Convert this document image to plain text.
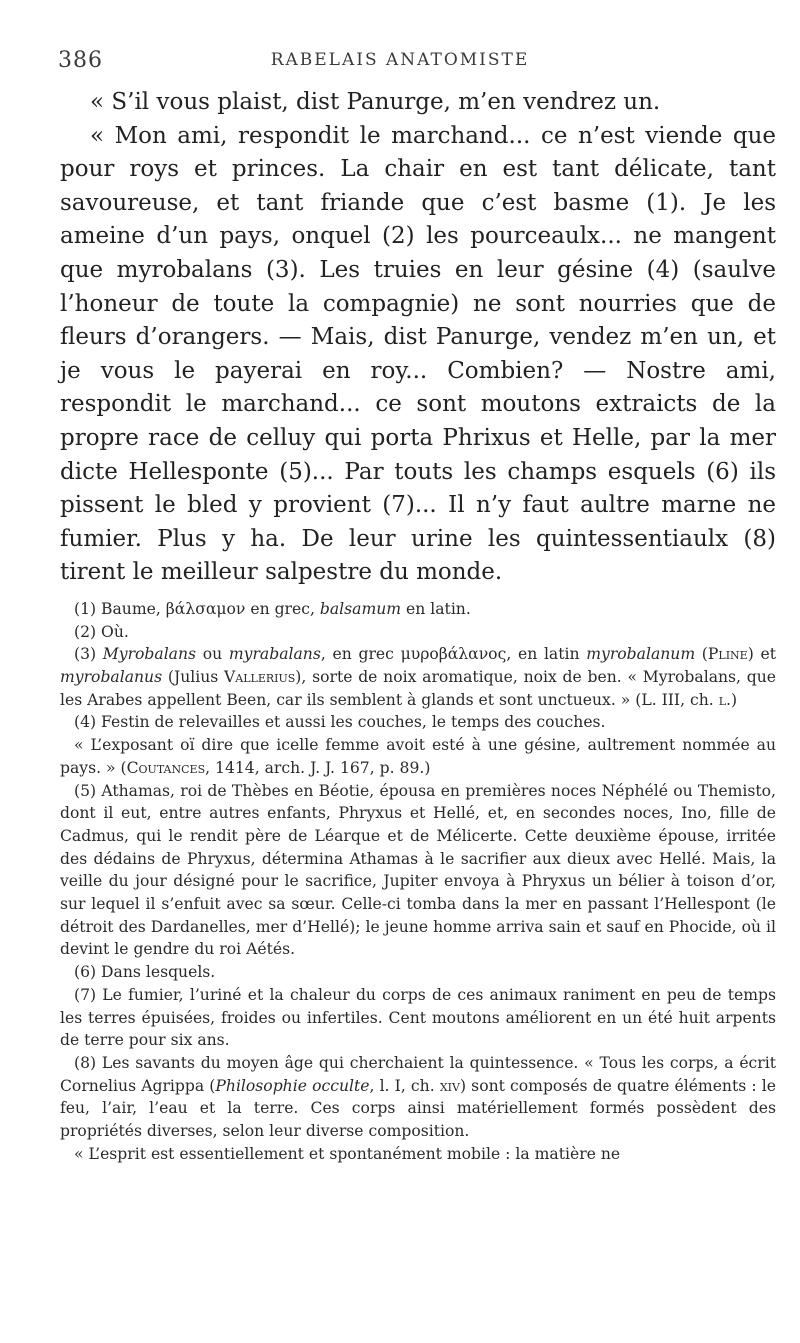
386	RABELAIS ANATOMISTE

« S’il vous plaist, dist Panurge, m’en vendrez un.

« Mon ami, respondit le marchand... ce n’est viende que pour roys et princes. La chair en est tant délicate, tant savoureuse, et tant friande que c’est basme (1). Je les ameine d’un pays, onquel (2) les pourceaulx... ne mangent que myrobalans (3). Les truies en leur gésine (4) (saulve l’honeur de toute la compagnie) ne sont nourries que de fleurs d’orangers. — Mais, dist Panurge, vendez m’en un, et je vous le payerai en roy... Combien? — Nostre ami, respondit le marchand... ce sont moutons extraicts de la propre race de celluy qui porta Phrixus et Helle, par la mer dicte Hellesponte (5)... Par touts les champs esquels (6) ils pissent le bled y provient (7)... Il n’y faut aultre marne ne fumier. Plus y ha. De leur urine les quintessentiaulx (8) tirent le meilleur salpestre du monde.

(1) Baume, βάλσαμον en grec, balsamum en latin.

(2) Où.

(3) Myrobalans ou myrabalans, en grec μυροβάλανος, en latin myrobalanum (Pline) et myrobalanus (Julius Vallerius), sorte de noix aromatique, noix de ben. « Myrobalans, que les Arabes appellent Been, car ils semblent à glands et sont unctueux. » (L. III, ch. l.)

(4) Festin de relevailles et aussi les couches, le temps des couches.

« L’exposant oï dire que icelle femme avoit esté à une gésine, aultrement nommée au pays. » (Coutances, 1414, arch. J. J. 167, p. 89.)

(5) Athamas, roi de Thèbes en Béotie, épousa en premières noces Néphélé ou Themisto, dont il eut, entre autres enfants, Phryxus et Hellé, et, en secondes noces, Ino, fille de Cadmus, qui le rendit père de Léarque et de Mélicerte. Cette deuxième épouse, irritée des dédains de Phryxus, détermina Athamas à le sacrifier aux dieux avec Hellé. Mais, la veille du jour désigné pour le sacrifice, Jupiter envoya à Phryxus un bélier à toison d’or, sur lequel il s’enfuit avec sa sœur. Celle-ci tomba dans la mer en passant l’Hellespont (le détroit des Dardanelles, mer d’Hellé); le jeune homme arriva sain et sauf en Phocide, où il devint le gendre du roi Aétés.

(6) Dans lesquels.

(7) Le fumier, l’uriné et la chaleur du corps de ces animaux raniment en peu de temps les terres épuisées, froides ou infertiles. Cent moutons améliorent en un été huit arpents de terre pour six ans.

(8) Les savants du moyen âge qui cherchaient la quintessence. « Tous les corps, a écrit Cornelius Agrippa (Philosophie occulte, l. I, ch. xiv) sont composés de quatre éléments : le feu, l’air, l’eau et la terre. Ces corps ainsi matériellement formés possèdent des propriétés diverses, selon leur diverse composition.

« L’esprit est essentiellement et spontanément mobile : la matière ne
